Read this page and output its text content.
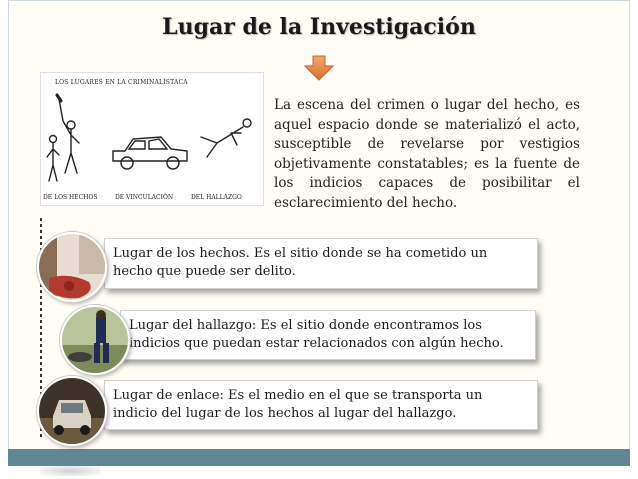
Lugar de la Investigación
LOS LUGARES EN LA CRIMINALÍSTACA
DE LOS HECHOS	DE VINCULACIÓN	DEL HALLAZGO

La escena del crimen o lugar del hecho, es aquel espacio donde se materializó el acto, susceptible de revelarse por vestigios objetivamente constatables; es la fuente de los indicios capaces de posibilitar el esclarecimiento del hecho.

Lugar de los hechos. Es el sitio donde se ha cometido un hecho que puede ser delito.
Lugar del hallazgo: Es el sitio donde encontramos los indicios que puedan estar relacionados con algún hecho.
Lugar de enlace: Es el medio en el que se transporta un indicio del lugar de los hechos al lugar del hallazgo.
